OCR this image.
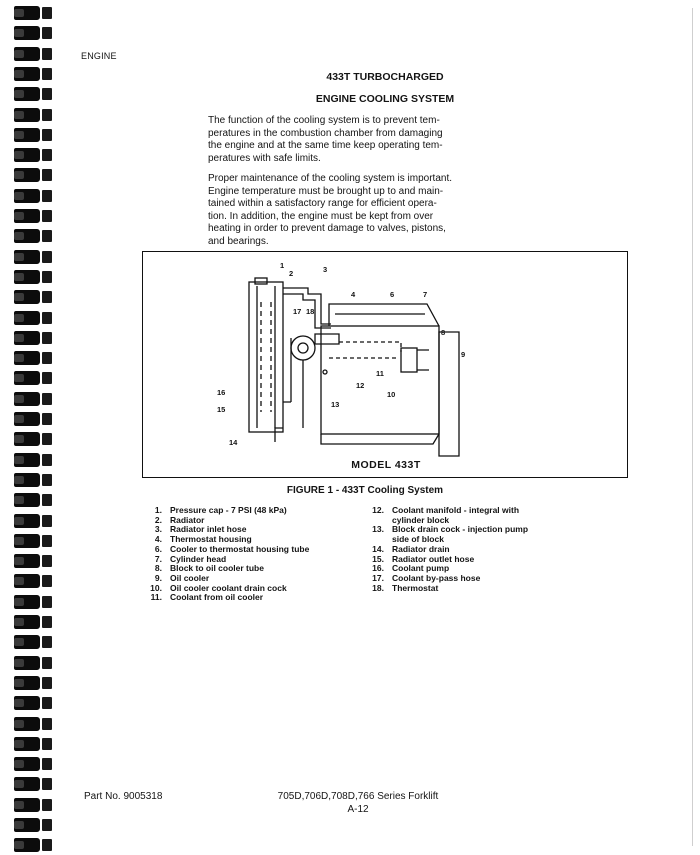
ENGINE
433T TURBOCHARGED
ENGINE COOLING SYSTEM
The function of the cooling system is to prevent tem-
peratures in the combustion chamber from damaging
the engine and at the same time keep operating tem-
peratures with safe limits.
Proper maintenance of the cooling system is important.
Engine temperature must be brought up to and main-
tained within a satisfactory range for efficient opera-
tion. In addition, the engine must be kept from over
heating in order to prevent damage to valves, pistons,
and bearings.
1
2	3
4	6	7
17 18
8
9
11
12
10
16
13
15
14
MODEL 433T
FIGURE 1 - 433T Cooling System
1. Pressure cap - 7 PSI (48 kPa)
2. Radiator
3. Radiator inlet hose
4. Thermostat housing
6. Cooler to thermostat housing tube
7. Cylinder head
8. Block to oil cooler tube
9. Oil cooler
10. Oil cooler coolant drain cock
11. Coolant from oil cooler
12. Coolant manifold - integral with
cylinder block
13. Block drain cock - injection pump
side of block
14. Radiator drain
15. Radiator outlet hose
16. Coolant pump
17. Coolant by-pass hose
18. Thermostat
Part No. 9005318	705D,706D,708D,766 Series Forklift
A-12
